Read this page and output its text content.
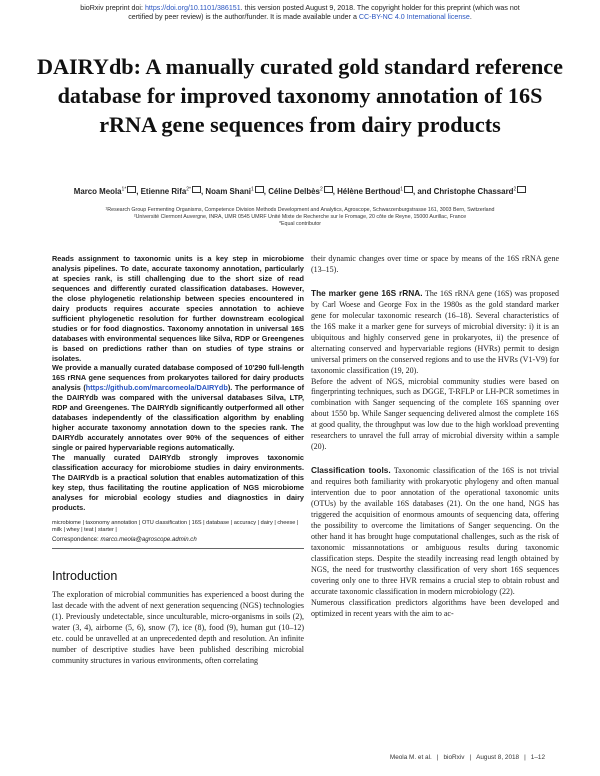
bioRxiv preprint doi: https://doi.org/10.1101/386151. this version posted August 9, 2018. The copyright holder for this preprint (which was not certified by peer review) is the author/funder. It is made available under a CC-BY-NC 4.0 International license.
DAIRYdb: A manually curated gold standard reference database for improved taxonomy annotation of 16S rRNA gene sequences from dairy products
Marco Meola$^{1*}$ , Etienne Rifa$^{2*}$ , Noam Shani$^1$ , Céline Delbès$^2$ , Hélène Berthoud$^1$ , and Christophe Chassard$^2$
¹Research Group Fermenting Organisms, Competence Division Methods Development and Analytics, Agroscope, Schwarzenburgstrasse 161, 3003 Bern, Switzerland
²Université Clermont Auvergne, INRA, UMR 0545 UMRF Unité Mixte de Recherche sur le Fromage, 20 côte de Reyne, 15000 Aurillac, France
*Equal contributor

Reads assignment to taxonomic units is a key step in microbiome analysis pipelines. To date, accurate taxonomy annotation, particularly at species rank, is still challenging due to the short size of read sequences and differently curated classification databases. However, the close phylogenetic relationship between species encountered in dairy products requires accurate species annotation to achieve sufficient phylogenetic resolution for further downstream ecological studies or for food diagnostics. Taxonomy annotation in universal 16S databases with environmental sequences like Silva, RDP or Greengenes is based on predictions rather than on studies of type strains or isolates.

We provide a manually curated database composed of 10'290 full-length 16S rRNA gene sequences from prokaryotes tailored for dairy products analysis (https://github.com/marcomeola/DAIRYdb). The performance of the DAIRYdb was compared with the universal databases Silva, LTP, RDP and Greengenes. The DAIRYdb significantly outperformed all other databases independently of the classification algorithm by enabling higher accurate taxonomy annotation down to the species rank. The DAIRYdb accurately annotates over 90% of the sequences of either single or paired hypervariable regions automatically.

The manually curated DAIRYdb strongly improves taxonomic classification accuracy for microbiome studies in dairy environments. The DAIRYdb is a practical solution that enables automatization of this key step, thus facilitating the routine application of NGS microbiome analyses for microbial ecology studies and diagnostics in dairy products.

microbiome | taxonomy annotation | OTU classification | 16S | database | accuracy | dairy | cheese | milk | whey | teat | starter |
Correspondence: marco.meola@agroscope.admin.ch
Introduction

The exploration of microbial communities has experienced a boost during the last decade with the advent of next generation sequencing (NGS) technologies (1). Previously undetectable, since unculturable, micro-organisms in soils (2), water (3, 4), airborne (5, 6), snow (7), ice (8), food (9), human gut (10–12) etc. could be unravelled at an unprecedented depth and resolution. An infinite number of descriptive studies have been published describing microbial community structures in various environments, often correlating

their dynamic changes over time or space by means of the 16S rRNA gene (13–15).

The marker gene 16S rRNA. The 16S rRNA gene (16S) was proposed by Carl Woese and George Fox in the 1980s as the gold standard marker gene for molecular taxonomic research (16–18). Several characteristics of the 16S make it a marker gene for surveys of microbial diversity: i) it is an ubiquitous and highly conserved gene in prokaryotes, ii) the presence of alternating conserved and hypervariable regions (HVRs) permit to design universal primers on the conserved regions and to use the HVRs (V1-V9) for taxonomic classification (19, 20).

Before the advent of NGS, microbial community studies were based on fingerprinting techniques, such as DGGE, T-RFLP or LH-PCR sometimes in combination with Sanger sequencing of the complete 16S spanning over about 1550 bp. While Sanger sequencing delivered almost the complete 16S at good quality, the throughput was low due to the high workload preventing researchers to unravel the full array of microbial diversity within a sample (20).

Classification tools. Taxonomic classification of the 16S is not trivial and requires both familiarity with prokaryotic phylogeny and often manual intervention due to poor annotation of the operational taxonomic units (OTUs) by the available 16S databases (21). On the one hand, NGS has triggered the acquisition of enormous amounts of sequencing data, offering the possibility to overcome the limitations of Sanger sequencing. On the other hand it has brought huge computational challenges, such as the risk of taxonomic missannotations or ambiguous results during taxonomic classification steps. Despite the steadily increasing read length obtained by NGS, the need for trustworthy classification of very short 16S sequences covering only one to three HVR remains a crucial step to obtain robust and accurate taxonomic classification in modern microbiology (22).

Numerous classification predictors algorithms have been developed and optimized in recent years with the aim to ac-

Meola M. et al. | bioRxiv | August 8, 2018 | 1–12
